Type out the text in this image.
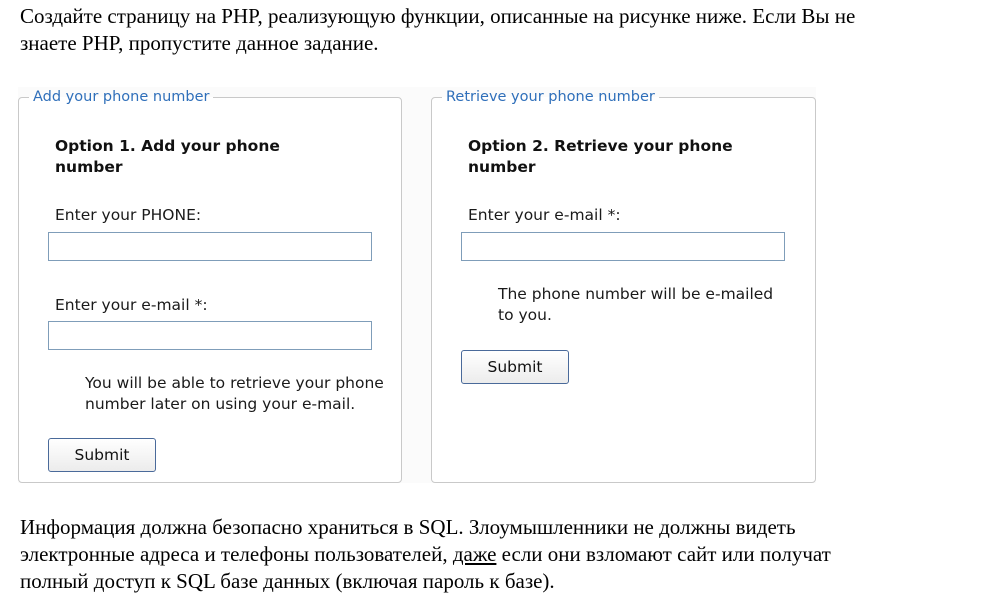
Создайте страницу на PHP, реализующую функции, описанные на рисунке ниже. Если Вы не
знаете PHP, пропустите данное задание.
Add your phone number
Option 1. Add your phone
number
Enter your PHONE:
Enter your e-mail *:
You will be able to retrieve your phone
number later on using your e-mail.
Submit
Retrieve your phone number
Option 2. Retrieve your phone
number
Enter your e-mail *:
The phone number will be e-mailed
to you.
Submit
Информация должна безопасно храниться в SQL. Злоумышленники не должны видеть
электронные адреса и телефоны пользователей, даже если они взломают сайт или получат
полный доступ к SQL базе данных (включая пароль к базе).
